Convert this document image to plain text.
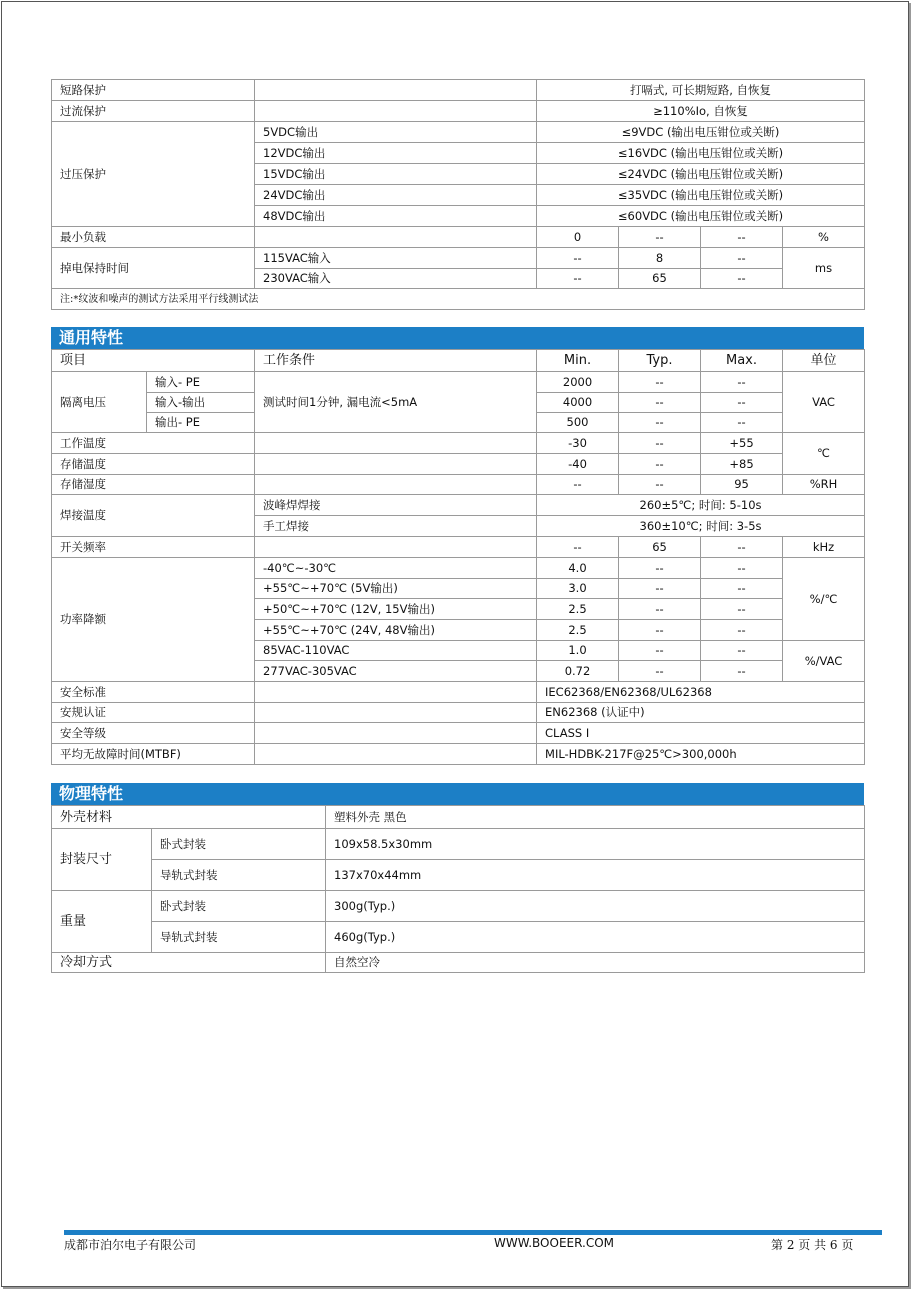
短路保护		打嗝式, 可长期短路, 自恢复			
过流保护		≥110%Io, 自恢复			
过压保护	5VDC输出	≤9VDC (输出电压钳位或关断)			
	12VDC输出	≤16VDC (输出电压钳位或关断)			
	15VDC输出	≤24VDC (输出电压钳位或关断)			
	24VDC输出	≤35VDC (输出电压钳位或关断)			
	48VDC输出	≤60VDC (输出电压钳位或关断)			
最小负载		0	--	--	%
掉电保持时间	115VAC输入	--	8	--	ms
	230VAC输入	--	65	--	
注:*纹波和噪声的测试方法采用平行线测试法					
通用特性
项目		工作条件	Min.	Typ.	Max.	单位
隔离电压	输入- PE	测试时间1分钟, 漏电流<5mA	2000	--	--	VAC
	输入-输出		4000	--	--	
	输出- PE		500	--	--	
工作温度			-30	--	+55	℃
存储温度			-40	--	+85	
存储湿度			--	--	95	%RH
焊接温度		波峰焊焊接	260±5℃; 时间: 5-10s			
		手工焊接	360±10℃; 时间: 3-5s			
开关频率			--	65	--	kHz
功率降额		-40℃~-30℃	4.0	--	--	%/℃
		+55℃~+70℃ (5V输出)	3.0	--	--	
		+50℃~+70℃ (12V, 15V输出)	2.5	--	--	
		+55℃~+70℃ (24V, 48V输出)	2.5	--	--	
		85VAC-110VAC	1.0	--	--	%/VAC
		277VAC-305VAC	0.72	--	--	
安全标准			IEC62368/EN62368/UL62368			
安规认证			EN62368 (认证中)			
安全等级			CLASS I			
平均无故障时间(MTBF)			MIL-HDBK-217F@25℃>300,000h			
物理特性
外壳材料		塑料外壳 黑色
封装尺寸	卧式封装	109x58.5x30mm
	导轨式封装	137x70x44mm
重量	卧式封装	300g(Typ.)
	导轨式封装	460g(Typ.)
冷却方式		自然空冷
成都市泊尔电子有限公司	WWW.BOOEER.COM	第 2 页 共 6 页
